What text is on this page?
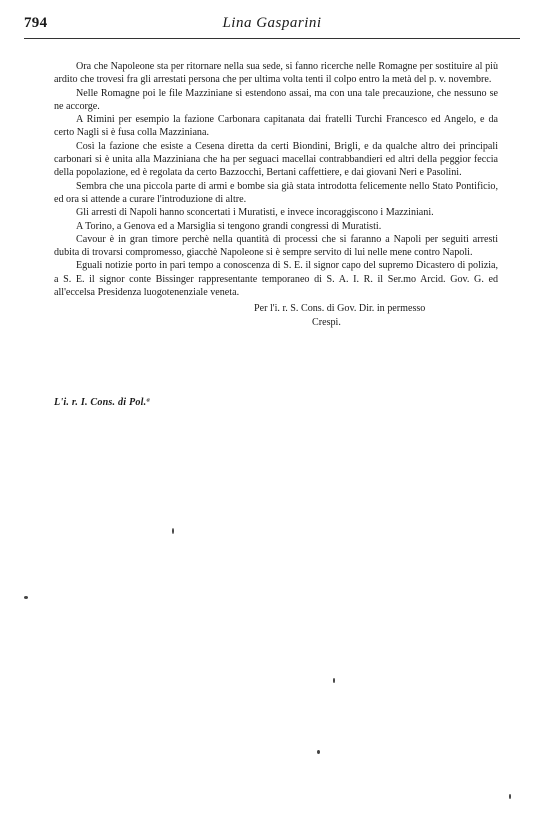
794	Lina Gasparini

Ora che Napoleone sta per ritornare nella sua sede, si fanno ricerche nelle Romagne per sostituire al più ardito che trovesi fra gli arrestati persona che per ultima volta tenti il colpo entro la metà del p. v. novembre.

Nelle Romagne poi le file Mazziniane si estendono assai, ma con una tale precauzione, che nessuno se ne accorge.

A Rimini per esempio la fazione Carbonara capitanata dai fratelli Turchi Francesco ed Angelo, e da certo Nagli si è fusa colla Mazziniana.

Così la fazione che esiste a Cesena diretta da certi Biondini, Brigli, e da qualche altro dei principali carbonari si è unita alla Mazziniana che ha per seguaci macellai contrabbandieri ed altri della peggior feccia della popolazione, ed è regolata da certo Bazzocchi, Bertani caffettiere, e dai giovani Neri e Pasolini.

Sembra che una piccola parte di armi e bombe sia già stata introdotta felicemente nello Stato Pontificio, ed ora si attende a curare l'introduzione di altre.

Gli arresti di Napoli hanno sconcertati i Muratisti, e invece incoraggiscono i Mazziniani.

A Torino, a Genova ed a Marsiglia si tengono grandi congressi di Muratisti.

Cavour è in gran timore perchè nella quantità di processi che si faranno a Napoli per seguiti arresti dubita di trovarsi compromesso, giacchè Napoleone si è sempre servito di lui nelle mene contro Napoli.

Eguali notizie porto in pari tempo a conoscenza di S. E. il signor capo del supremo Dicastero di polizia, a S. E. il signor conte Bissinger rappresentante temporaneo di S. A. I. R. il Ser.mo Arcid. Gov. G. ed all'eccelsa Presidenza luogotenenziale veneta.

Per l'i. r. S. Cons. di Gov. Dir. in permesso
Crespi.
L'i. r. I. Cons. di Pol.ª
